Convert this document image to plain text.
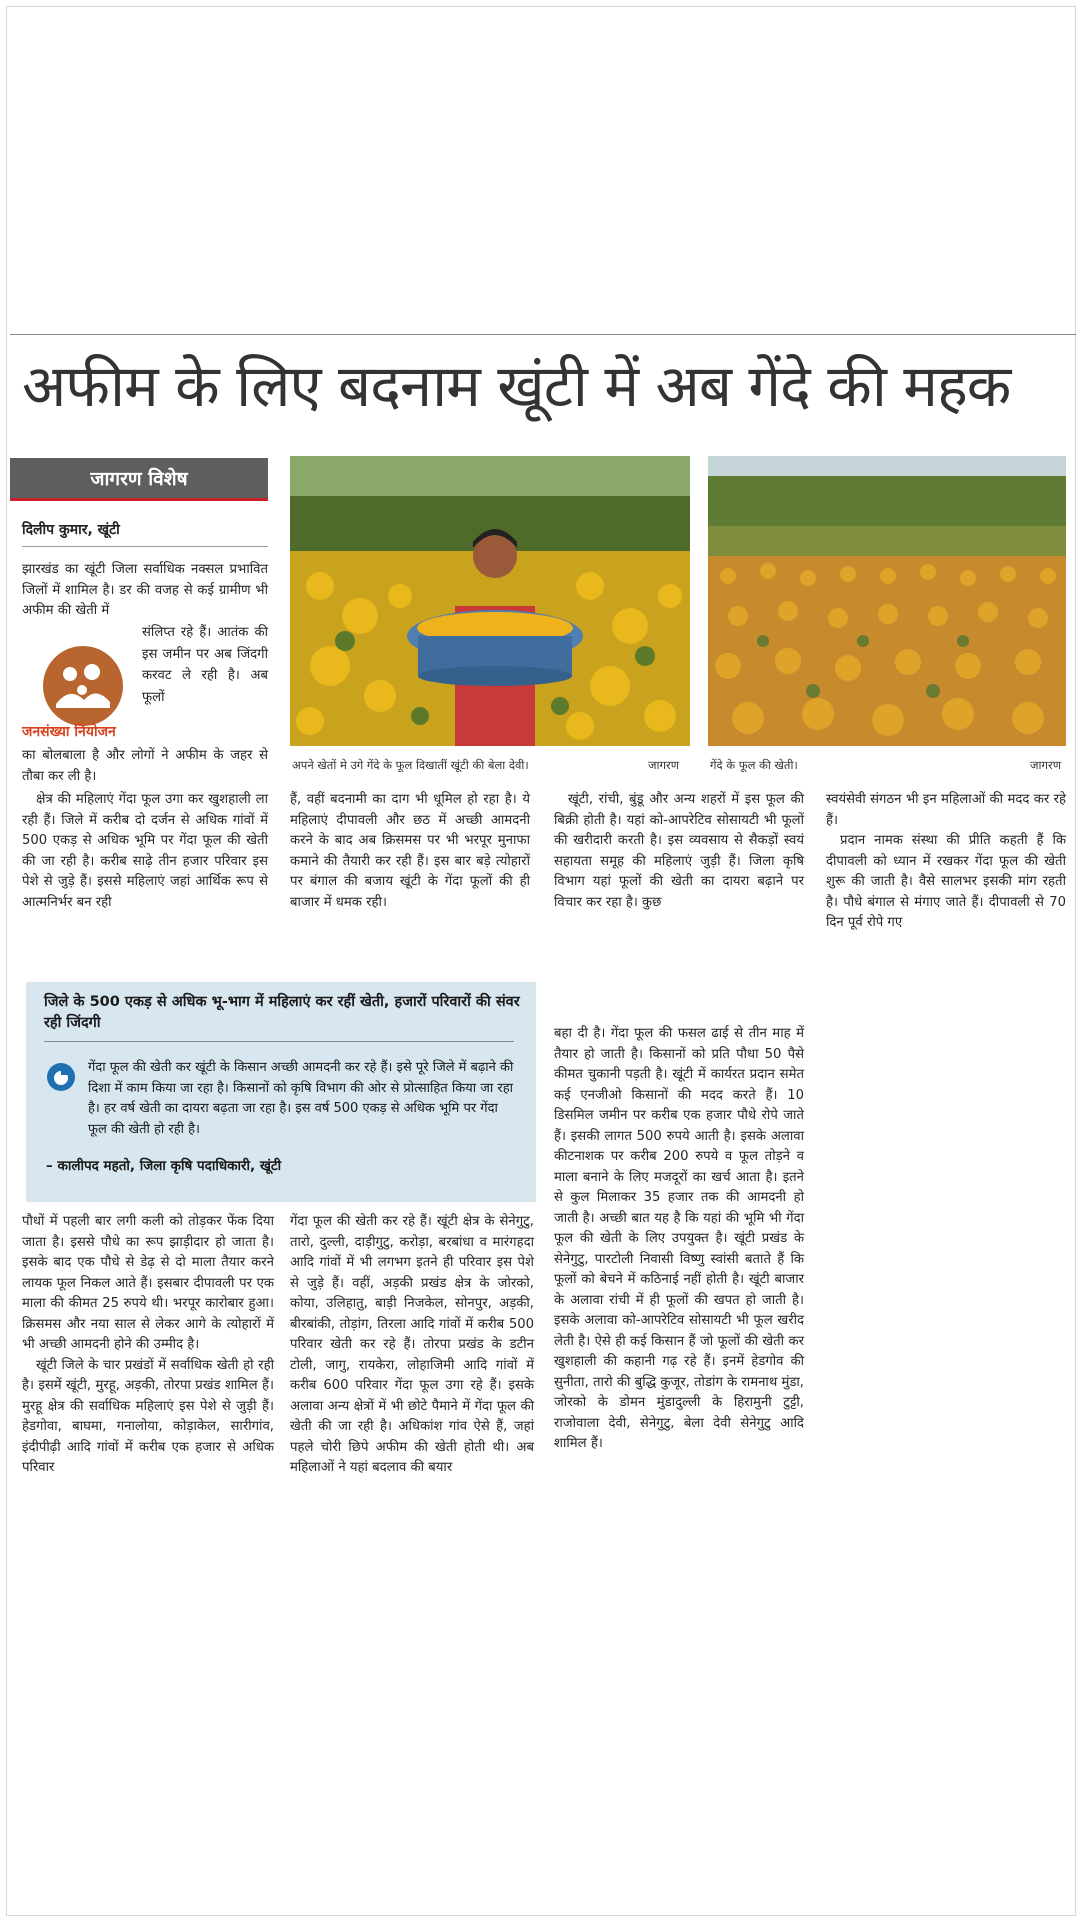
अफीम के लिए बदनाम खूंटी में अब गेंदे की महक
जागरण विशेष
दिलीप कुमार, खूंटी
झारखंड का खूंटी जिला सर्वाधिक नक्सल प्रभावित जिलों में शामिल है। डर की वजह से कई ग्रामीण भी अफीम की खेती में
संलिप्त रहे हैं। आतंक की इस जमीन पर अब जिंदगी करवट ले रही है। अब फूलों
जनसंख्या नियोजन
का बोलबाला है और लोगों ने अफीम के जहर से तौबा कर ली है।
क्षेत्र की महिलाएं गेंदा फूल उगा कर खुशहाली ला रही हैं। जिले में करीब दो दर्जन से अधिक गांवों में 500 एकड़ से अधिक भूमि पर गेंदा फूल की खेती की जा रही है। करीब साढ़े तीन हजार परिवार इस पेशे से जुड़े हैं। इससे महिलाएं जहां आर्थिक रूप से आत्मनिर्भर बन रही
अपने खेतों मे उगे गेंदे के फूल दिखातीं खूंटी की बेला देवी।	जागरण	गेंदे के फूल की खेती।	जागरण
हैं, वहीं बदनामी का दाग भी धूमिल हो रहा है। ये महिलाएं दीपावली और छठ में अच्छी आमदनी करने के बाद अब क्रिसमस पर भी भरपूर मुनाफा कमाने की तैयारी कर रही हैं। इस बार बड़े त्योहारों पर बंगाल की बजाय खूंटी के गेंदा फूलों की ही बाजार में धमक रही।
खूंटी, रांची, बुंडू और अन्य शहरों में इस फूल की बिक्री होती है। यहां को-आपरेटिव सोसायटी भी फूलों की खरीदारी करती है। इस व्यवसाय से सैकड़ों स्वयं सहायता समूह की महिलाएं जुड़ी हैं। जिला कृषि विभाग यहां फूलों की खेती का दायरा बढ़ाने पर विचार कर रहा है। कुछ

स्वयंसेवी संगठन भी इन महिलाओं की मदद कर रहे हैं।

प्रदान नामक संस्था की प्रीति कहती हैं कि दीपावली को ध्यान में रखकर गेंदा फूल की खेती शुरू की जाती है। वैसे सालभर इसकी मांग रहती है। पौधे बंगाल से मंगाए जाते हैं। दीपावली से 70 दिन पूर्व रोपे गए

जिले के 500 एकड़ से अधिक भू-भाग में महिलाएं कर रहीं खेती, हजारों परिवारों की संवर रही जिंदगी
गेंदा फूल की खेती कर खूंटी के किसान अच्छी आमदनी कर रहे हैं। इसे पूरे जिले में बढ़ाने की दिशा में काम किया जा रहा है। किसानों को कृषि विभाग की ओर से प्रोत्साहित किया जा रहा है। हर वर्ष खेती का दायरा बढ़ता जा रहा है। इस वर्ष 500 एकड़ से अधिक भूमि पर गेंदा फूल की खेती हो रही है।
– कालीपद महतो, जिला कृषि पदाधिकारी, खूंटी

पौधों में पहली बार लगी कली को तोड़कर फेंक दिया जाता है। इससे पौधे का रूप झाड़ीदार हो जाता है। इसके बाद एक पौधे से डेढ़ से दो माला तैयार करने लायक फूल निकल आते हैं। इसबार दीपावली पर एक माला की कीमत 25 रुपये थी। भरपूर कारोबार हुआ। क्रिसमस और नया साल से लेकर आगे के त्योहारों में भी अच्छी आमदनी होने की उम्मीद है।

खूंटी जिले के चार प्रखंडों में सर्वाधिक खेती हो रही है। इसमें खूंटी, मुरहू, अड़की, तोरपा प्रखंड शामिल हैं। मुरहू क्षेत्र की सर्वाधिक महिलाएं इस पेशे से जुड़ी हैं। हेडगोवा, बाघमा, गनालोया, कोड़ाकेल, सारीगांव, इंदीपीढ़ी आदि गांवों में करीब एक हजार से अधिक परिवार

गेंदा फूल की खेती कर रहे हैं। खूंटी क्षेत्र के सेनेगुटु, तारो, दुल्ली, दाड़ीगुटु, करोड़ा, बरबांधा व मारंगहदा आदि गांवों में भी लगभग इतने ही परिवार इस पेशे से जुड़े हैं। वहीं, अड़की प्रखंड क्षेत्र के जोरको, कोया, उलिहातु, बाड़ी निजकेल, सोनपुर, अड़की, बीरबांकी, तोड़ांग, तिरला आदि गांवों में करीब 500 परिवार खेती कर रहे हैं। तोरपा प्रखंड के डटीन टोली, जागु, रायकेरा, लोहाजिमी आदि गांवों में करीब 600 परिवार गेंदा फूल उगा रहे हैं। इसके अलावा अन्य क्षेत्रों में भी छोटे पैमाने में गेंदा फूल की खेती की जा रही है। अधिकांश गांव ऐसे हैं, जहां पहले चोरी छिपे अफीम की खेती होती थी। अब महिलाओं ने यहां बदलाव की बयार
बहा दी है। गेंदा फूल की फसल ढाई से तीन माह में तैयार हो जाती है। किसानों को प्रति पौधा 50 पैसे कीमत चुकानी पड़ती है। खूंटी में कार्यरत प्रदान समेत कई एनजीओ किसानों की मदद करते हैं। 10 डिसमिल जमीन पर करीब एक हजार पौधे रोपे जाते हैं। इसकी लागत 500 रुपये आती है। इसके अलावा कीटनाशक पर करीब 200 रुपये व फूल तोड़ने व माला बनाने के लिए मजदूरों का खर्च आता है। इतने से कुल मिलाकर 35 हजार तक की आमदनी हो जाती है। अच्छी बात यह है कि यहां की भूमि भी गेंदा फूल की खेती के लिए उपयुक्त है। खूंटी प्रखंड के सेनेगुटु, पारटोली निवासी विष्णु स्वांसी बताते हैं कि फूलों को बेचने में कठिनाई नहीं होती है। खूंटी बाजार के अलावा रांची में ही फूलों की खपत हो जाती है। इसके अलावा को-आपरेटिव सोसायटी भी फूल खरीद लेती है। ऐसे ही कई किसान हैं जो फूलों की खेती कर खुशहाली की कहानी गढ़ रहे हैं। इनमें हेडगोव की सुनीता, तारो की बुद्धि कुजूर, तोडांग के रामनाथ मुंडा, जोरको के डोमन मुंडादुल्ली के हिरामुनी टुट्टी, राजोवाला देवी, सेनेगुटु, बेला देवी सेनेगुटु आदि शामिल हैं।
